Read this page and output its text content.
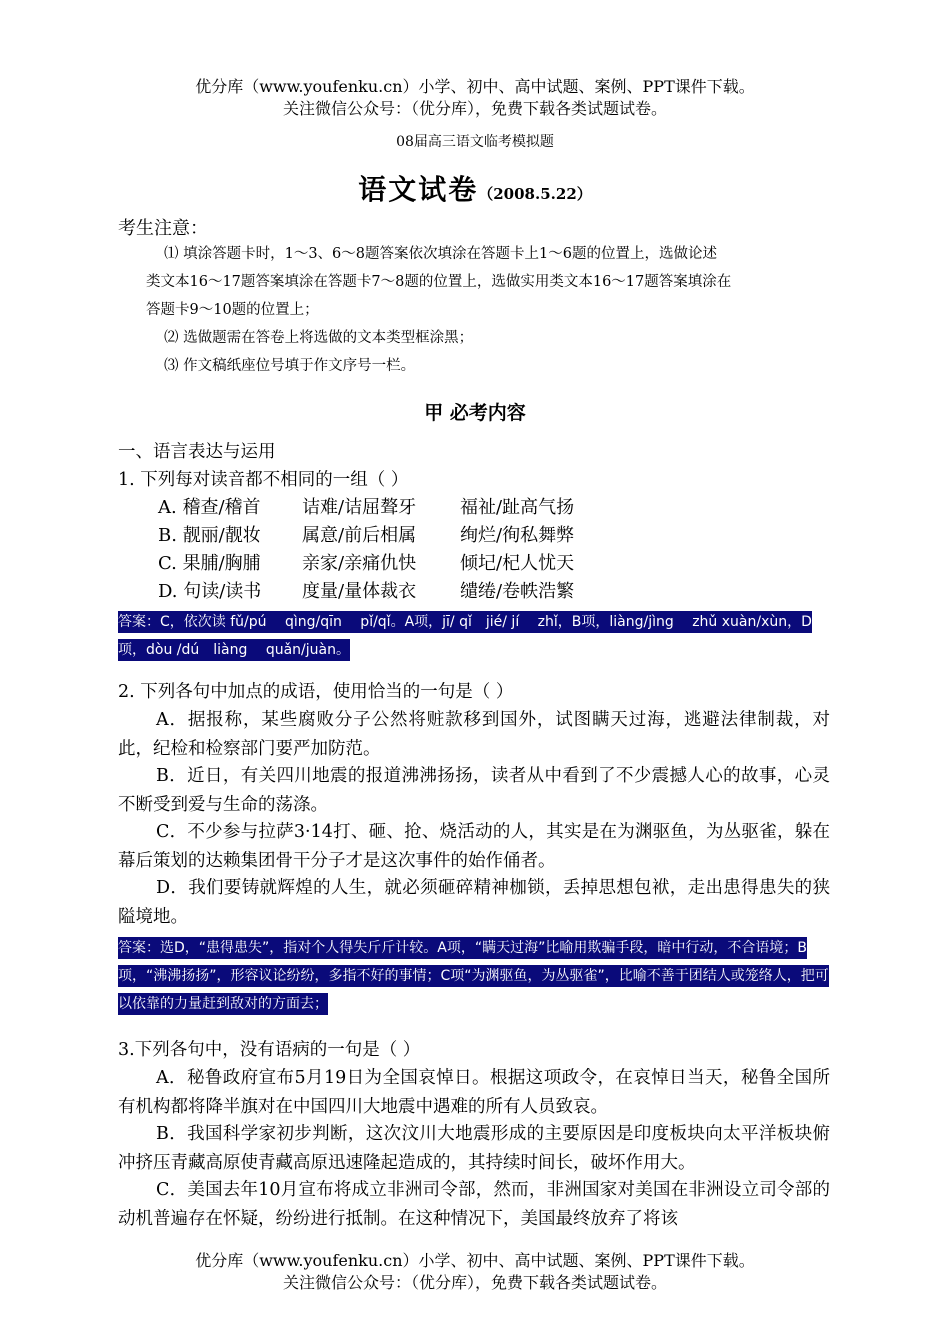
优分库（www.youfenku.cn）小学、初中、高中试题、案例、PPT课件下载。
关注微信公众号：（优分库），免费下载各类试题试卷。
08届高三语文临考模拟题
语文试卷（2008.5.22）
考生注意：
⑴ 填涂答题卡时，1～3、6～8题答案依次填涂在答题卡上1～6题的位置上，选做论述
类文本16～17题答案填涂在答题卡7～8题的位置上，选做实用类文本16～17题答案填涂在
答题卡9～10题的位置上；
⑵ 选做题需在答卷上将选做的文本类型框涂黑；
⑶ 作文稿纸座位号填于作文序号一栏。
甲 必考内容
一、语言表达与运用
1. 下列每对读音都不相同的一组（ ）
A. 稽查/稽首 诘难/诘屈聱牙 福祉/趾高气扬
B. 靓丽/靓妆 属意/前后相属 绚烂/徇私舞弊
C. 果脯/胸脯 亲家/亲痛仇快 倾圮/杞人忧天
D. 句读/读书 度量/量体裁衣 缱绻/卷帙浩繁
答案：C，依次读 fǔ/pú　 qìng/qīn　 pǐ/qǐ。A项，jī/ qǐ　jié/ jí　 zhǐ，B项，liàng/jìng　 zhǔ xuàn/xùn，D项，dòu /dú　liàng　 quǎn/juàn。
2. 下列各句中加点的成语，使用恰当的一句是（ ）
A．据报称，某些腐败分子公然将赃款移到国外，试图瞒天过海，逃避法律制裁，对此，纪检和检察部门要严加防范。
B．近日，有关四川地震的报道沸沸扬扬，读者从中看到了不少震撼人心的故事，心灵不断受到爱与生命的荡涤。
C．不少参与拉萨3·14打、砸、抢、烧活动的人，其实是在为渊驱鱼，为丛驱雀，躲在幕后策划的达赖集团骨干分子才是这次事件的始作俑者。
D．我们要铸就辉煌的人生，就必须砸碎精神枷锁，丢掉思想包袱，走出患得患失的狭隘境地。
答案：选D，“患得患失”，指对个人得失斤斤计较。A项，“瞒天过海”比喻用欺骗手段，暗中行动，不合语境；B项，“沸沸扬扬”，形容议论纷纷，多指不好的事情；C项“为渊驱鱼，为丛驱雀”，比喻不善于团结人或笼络人，把可以依靠的力量赶到敌对的方面去；
3.下列各句中，没有语病的一句是（ ）
A．秘鲁政府宣布5月19日为全国哀悼日。根据这项政令，在哀悼日当天，秘鲁全国所有机构都将降半旗对在中国四川大地震中遇难的所有人员致哀。
B．我国科学家初步判断，这次汶川大地震形成的主要原因是印度板块向太平洋板块俯冲挤压青藏高原使青藏高原迅速隆起造成的，其持续时间长，破坏作用大。
C．美国去年10月宣布将成立非洲司令部，然而，非洲国家对美国在非洲设立司令部的动机普遍存在怀疑，纷纷进行抵制。在这种情况下，美国最终放弃了将该
优分库（www.youfenku.cn）小学、初中、高中试题、案例、PPT课件下载。
关注微信公众号：（优分库），免费下载各类试题试卷。
